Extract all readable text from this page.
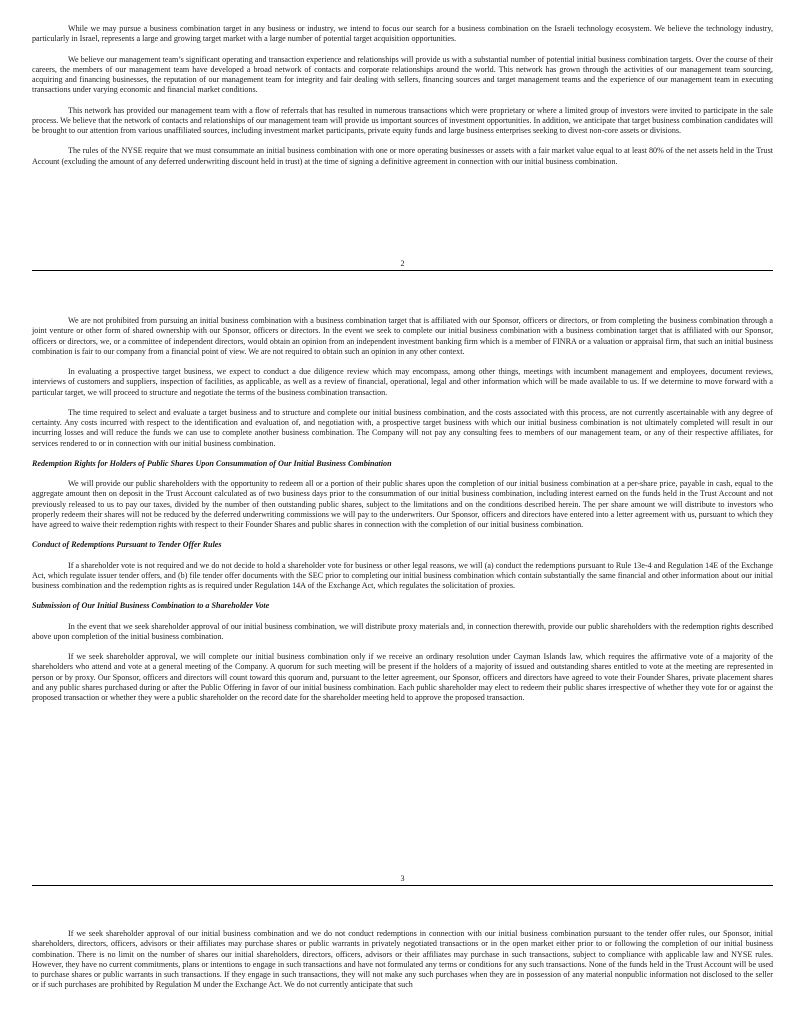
While we may pursue a business combination target in any business or industry, we intend to focus our search for a business combination on the Israeli technology ecosystem. We believe the technology industry, particularly in Israel, represents a large and growing target market with a large number of potential target acquisition opportunities.

We believe our management team’s significant operating and transaction experience and relationships will provide us with a substantial number of potential initial business combination targets. Over the course of their careers, the members of our management team have developed a broad network of contacts and corporate relationships around the world. This network has grown through the activities of our management team sourcing, acquiring and financing businesses, the reputation of our management team for integrity and fair dealing with sellers, financing sources and target management teams and the experience of our management team in executing transactions under varying economic and financial market conditions.

This network has provided our management team with a flow of referrals that has resulted in numerous transactions which were proprietary or where a limited group of investors were invited to participate in the sale process. We believe that the network of contacts and relationships of our management team will provide us important sources of investment opportunities. In addition, we anticipate that target business combination candidates will be brought to our attention from various unaffiliated sources, including investment market participants, private equity funds and large business enterprises seeking to divest non-core assets or divisions.

The rules of the NYSE require that we must consummate an initial business combination with one or more operating businesses or assets with a fair market value equal to at least 80% of the net assets held in the Trust Account (excluding the amount of any deferred underwriting discount held in trust) at the time of signing a definitive agreement in connection with our initial business combination.

2

We are not prohibited from pursuing an initial business combination with a business combination target that is affiliated with our Sponsor, officers or directors, or from completing the business combination through a joint venture or other form of shared ownership with our Sponsor, officers or directors. In the event we seek to complete our initial business combination with a business combination target that is affiliated with our Sponsor, officers or directors, we, or a committee of independent directors, would obtain an opinion from an independent investment banking firm which is a member of FINRA or a valuation or appraisal firm, that such an initial business combination is fair to our company from a financial point of view. We are not required to obtain such an opinion in any other context.

In evaluating a prospective target business, we expect to conduct a due diligence review which may encompass, among other things, meetings with incumbent management and employees, document reviews, interviews of customers and suppliers, inspection of facilities, as applicable, as well as a review of financial, operational, legal and other information which will be made available to us. If we determine to move forward with a particular target, we will proceed to structure and negotiate the terms of the business combination transaction.

The time required to select and evaluate a target business and to structure and complete our initial business combination, and the costs associated with this process, are not currently ascertainable with any degree of certainty. Any costs incurred with respect to the identification and evaluation of, and negotiation with, a prospective target business with which our initial business combination is not ultimately completed will result in our incurring losses and will reduce the funds we can use to complete another business combination. The Company will not pay any consulting fees to members of our management team, or any of their respective affiliates, for services rendered to or in connection with our initial business combination.

Redemption Rights for Holders of Public Shares Upon Consummation of Our Initial Business Combination

We will provide our public shareholders with the opportunity to redeem all or a portion of their public shares upon the completion of our initial business combination at a per-share price, payable in cash, equal to the aggregate amount then on deposit in the Trust Account calculated as of two business days prior to the consummation of our initial business combination, including interest earned on the funds held in the Trust Account and not previously released to us to pay our taxes, divided by the number of then outstanding public shares, subject to the limitations and on the conditions described herein. The per share amount we will distribute to investors who properly redeem their shares will not be reduced by the deferred underwriting commissions we will pay to the underwriters. Our Sponsor, officers and directors have entered into a letter agreement with us, pursuant to which they have agreed to waive their redemption rights with respect to their Founder Shares and public shares in connection with the completion of our initial business combination.

Conduct of Redemptions Pursuant to Tender Offer Rules

If a shareholder vote is not required and we do not decide to hold a shareholder vote for business or other legal reasons, we will (a) conduct the redemptions pursuant to Rule 13e-4 and Regulation 14E of the Exchange Act, which regulate issuer tender offers, and (b) file tender offer documents with the SEC prior to completing our initial business combination which contain substantially the same financial and other information about our initial business combination and the redemption rights as is required under Regulation 14A of the Exchange Act, which regulates the solicitation of proxies.

Submission of Our Initial Business Combination to a Shareholder Vote

In the event that we seek shareholder approval of our initial business combination, we will distribute proxy materials and, in connection therewith, provide our public shareholders with the redemption rights described above upon completion of the initial business combination.

If we seek shareholder approval, we will complete our initial business combination only if we receive an ordinary resolution under Cayman Islands law, which requires the affirmative vote of a majority of the shareholders who attend and vote at a general meeting of the Company. A quorum for such meeting will be present if the holders of a majority of issued and outstanding shares entitled to vote at the meeting are represented in person or by proxy. Our Sponsor, officers and directors will count toward this quorum and, pursuant to the letter agreement, our Sponsor, officers and directors have agreed to vote their Founder Shares, private placement shares and any public shares purchased during or after the Public Offering in favor of our initial business combination. Each public shareholder may elect to redeem their public shares irrespective of whether they vote for or against the proposed transaction or whether they were a public shareholder on the record date for the shareholder meeting held to approve the proposed transaction.

3

If we seek shareholder approval of our initial business combination and we do not conduct redemptions in connection with our initial business combination pursuant to the tender offer rules, our Sponsor, initial shareholders, directors, officers, advisors or their affiliates may purchase shares or public warrants in privately negotiated transactions or in the open market either prior to or following the completion of our initial business combination. There is no limit on the number of shares our initial shareholders, directors, officers, advisors or their affiliates may purchase in such transactions, subject to compliance with applicable law and NYSE rules. However, they have no current commitments, plans or intentions to engage in such transactions and have not formulated any terms or conditions for any such transactions. None of the funds held in the Trust Account will be used to purchase shares or public warrants in such transactions. If they engage in such transactions, they will not make any such purchases when they are in possession of any material nonpublic information not disclosed to the seller or if such purchases are prohibited by Regulation M under the Exchange Act. We do not currently anticipate that such
